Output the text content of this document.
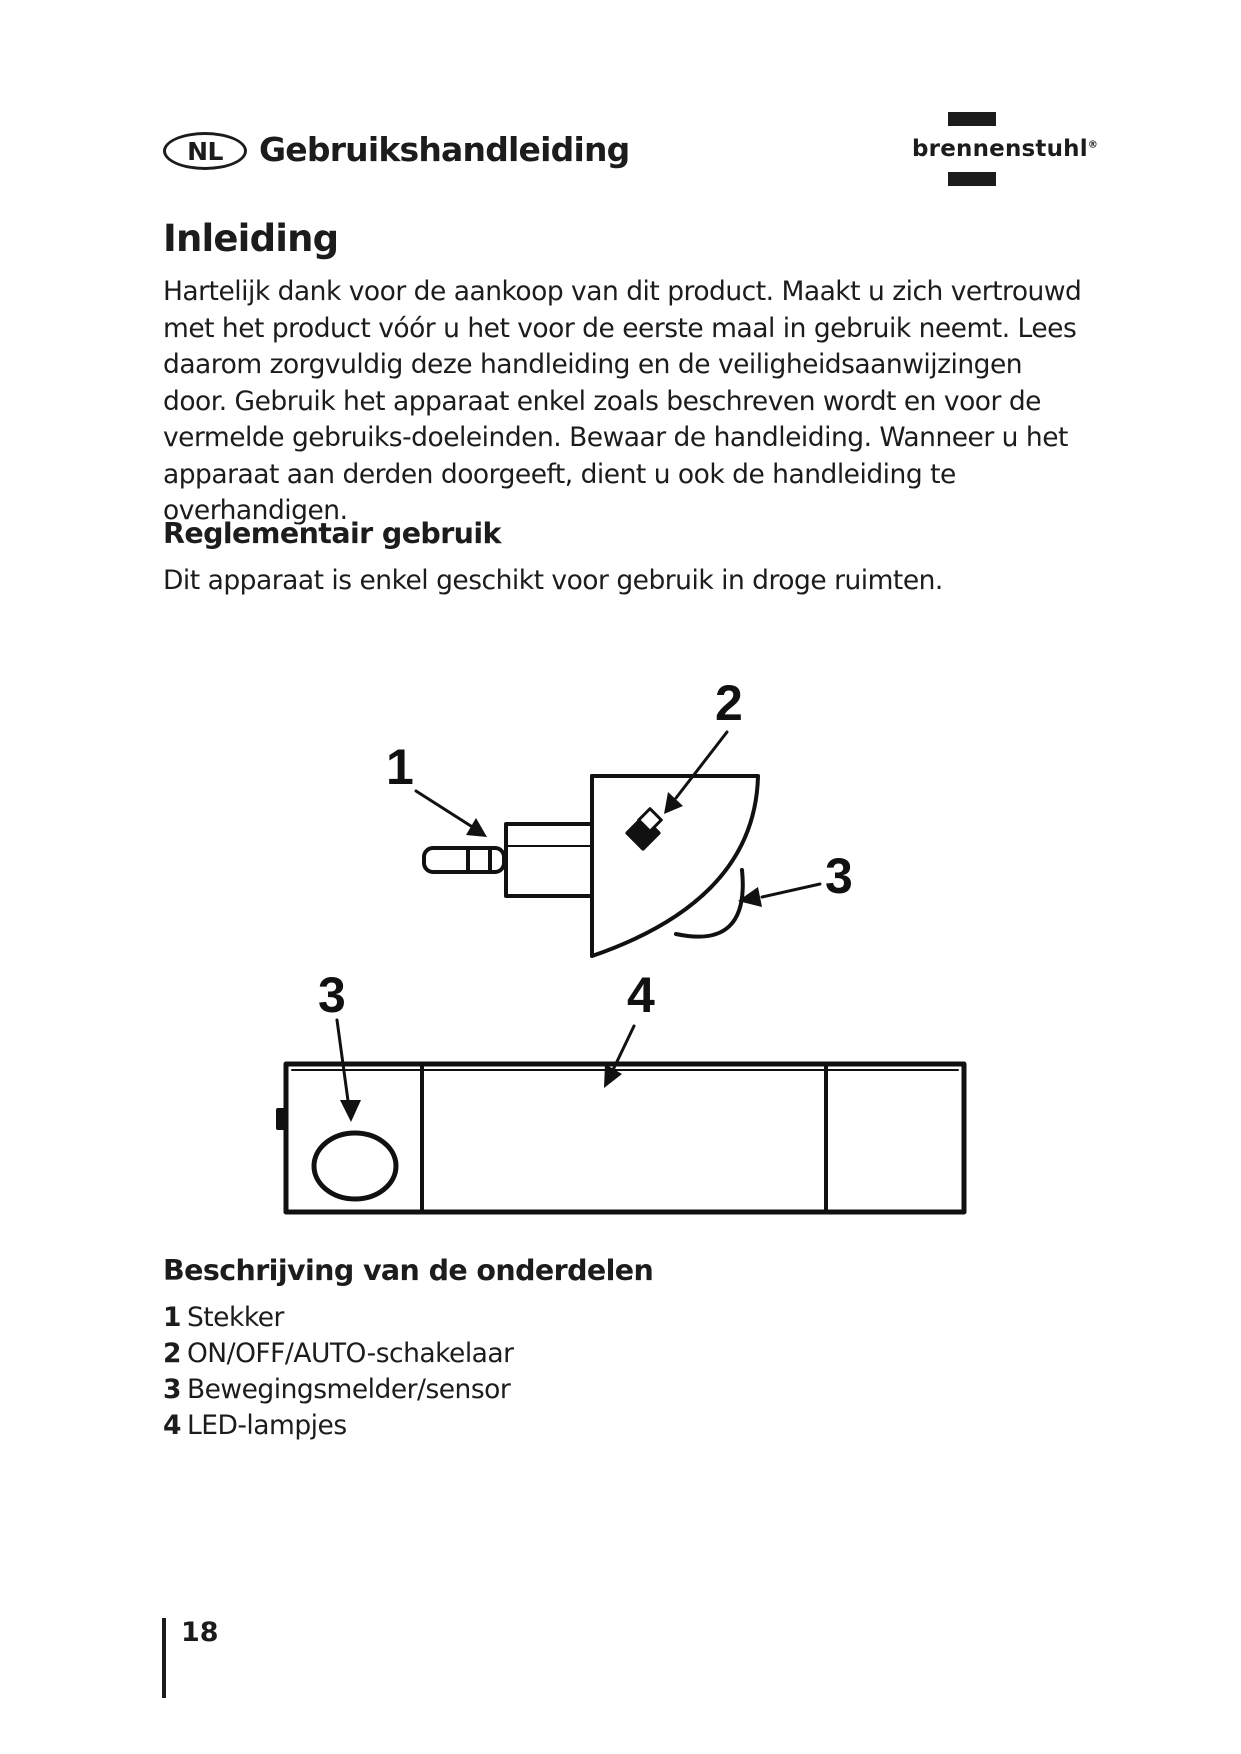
NL Gebruikshandleiding	brennenstuhl®
Inleiding

Hartelijk dank voor de aankoop van dit product. Maakt u zich vertrouwd met het product vóór u het voor de eerste maal in gebruik neemt. Lees daarom zorgvuldig deze handleiding en de veiligheidsaanwijzingen door. Gebruik het apparaat enkel zoals beschreven wordt en voor de vermelde gebruiks-doeleinden. Bewaar de handleiding. Wanneer u het apparaat aan derden doorgeeft, dient u ook de handleiding te overhandigen.

Reglementair gebruik

Dit apparaat is enkel geschikt voor gebruik in droge ruimten.

1
2
3
3	4
Beschrijving van de onderdelen
1 Stekker
2 ON/OFF/AUTO-schakelaar
3 Bewegingsmelder/sensor
4 LED-lampjes
18
